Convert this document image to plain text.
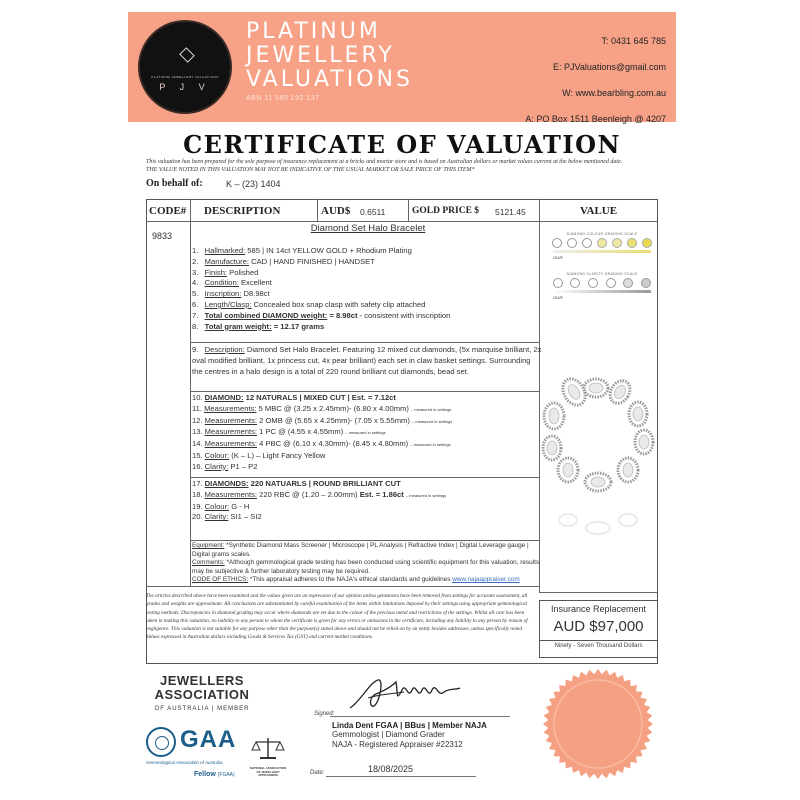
PLATINUM JEWELLERY VALUATIONS
P J V
PLATINUM
JEWELLERY
VALUATIONS
ABN 11 589 192 137
T: 0431 645 785
E: PJValuations@gmail.com
W: www.bearbling.com.au
A: PO Box 1511 Beenleigh @ 4207
CERTIFICATE OF VALUATION
This valuation has been prepared for the sole purpose of insurance replacement at a bricks and mortar store and is based on Australian dollars or market values current at the below mentioned date.
THE VALUE NOTED IN THIS VALUATION MAY NOT BE INDICATIVE OF THE USUAL MARKET OR SALE PRICE OF THIS ITEM*
On behalf of:	K – (23) 1404
CODE# DESCRIPTION	AUD$ 0.6511	GOLD PRICE $ 5121.45	VALUE
9833
Diamond Set Halo Bracelet
1.   Hallmarked: 585 | IN 14ct YELLOW GOLD + Rhodium Plating
2.   Manufacture: CAD | HAND FINISHED | HANDSET
3.   Finish: Polished
4.   Condition: Excellent
5.   Inscription: D8.98ct
6.   Length/Clasp: Concealed box snap clasp with safety clip attached
7.   Total combined DIAMOND weight: = 8.98ct - consistent with inscription
8.   Total gram weight: = 12.17 grams
9.   Description: Diamond Set Halo Bracelet. Featuring 12 mixed cut diamonds, (5x marquise brilliant, 2x oval modified brilliant, 1x princess cut, 4x pear brilliant) each set in claw basket settings. Surrounding the centres in a halo design is a total of 220 round brilliant cut diamonds, bead set.
10. DIAMOND: 12 NATURALS | MIXED CUT | Est. = 7.12ct
11. Measurements: 5 MBC @ (3.25 x 2.45mm)- (6.80 x 4.00mm) – measured in settings
12. Measurements: 2 OMB @ (5.65 x 4.25mm)- (7.05 x 5.55mm) – measured in settings
13. Measurements: 1 PC @ (4.55 x 4.55mm) – measured in settings
14. Measurements: 4 PBC @ (6.10 x 4.30mm)- (8.45 x 4.80mm) – measured in settings
15. Colour: (K – L) – Light Fancy Yellow
16. Clarity: P1 – P2
17. DIAMONDS: 220 NATUARLS | ROUND BRILLIANT CUT
18. Measurements: 220 RBC @ (1.20 – 2.00mm) Est. = 1.86ct – measured in settings
19. Colour: G - H
20. Clarity: SI1 – SI2
Equipment: *Synthetic Diamond Mass Screener | Microscope | PL Analysis | Refractive Index | Digital Leverage gauge | Digital grams scales.
Comments: *Although gemmological grade testing has been conducted using scientific equipment for this valuation, results may be subjective & further laboratory testing may be required.
CODE OF ETHICS: *This appraisal adheres to the NAJA's ethical standards and guidelines www.najaappraiser.com
DIAMOND COLOUR GRADING SCALE
GIA®
DIAMOND CLARITY GRADING SCALE
GIA®
The articles described above have been examined and the values given are an expression of our opinion unless gemstones have been removed from settings for accurate assessment, all grades and weights are approximate. All conclusions are substantiated by careful examination of the items within limitations imposed by their settings using appropriate gemmological testing methods. Discrepancies in diamond grading may occur where diamonds are set due to the colour of the precious metal and restrictions of the settings. Whilst all care has been taken in making this valuation, no liability to any person to whom the certificate is given for any errors or omissions in the certificate, including any liability to any person by reason of negligence. This valuation is not suitable for any purpose other than the purpose(s) stated above and should not be relied on by an entity besides addressee, unless specifically noted. Values expressed in Australian dollars including Goods & Services Tax (GST) and current market conditions.
Insurance Replacement
AUD $97,000
Ninety - Seven Thousand Dollars
JEWELLERS
ASSOCIATION
OF AUSTRALIA | MEMBER
GAA
Gemmological Association of Australia
Fellow (FGAA)
NATIONAL ASSOCIATION OF JEWELLERY APPRAISERS
Signed:
Linda Dent FGAA | BBus | Member NAJA
Gemmologist | Diamond Grader
NAJA - Registered Appraiser #22312
Date:	18/08/2025
